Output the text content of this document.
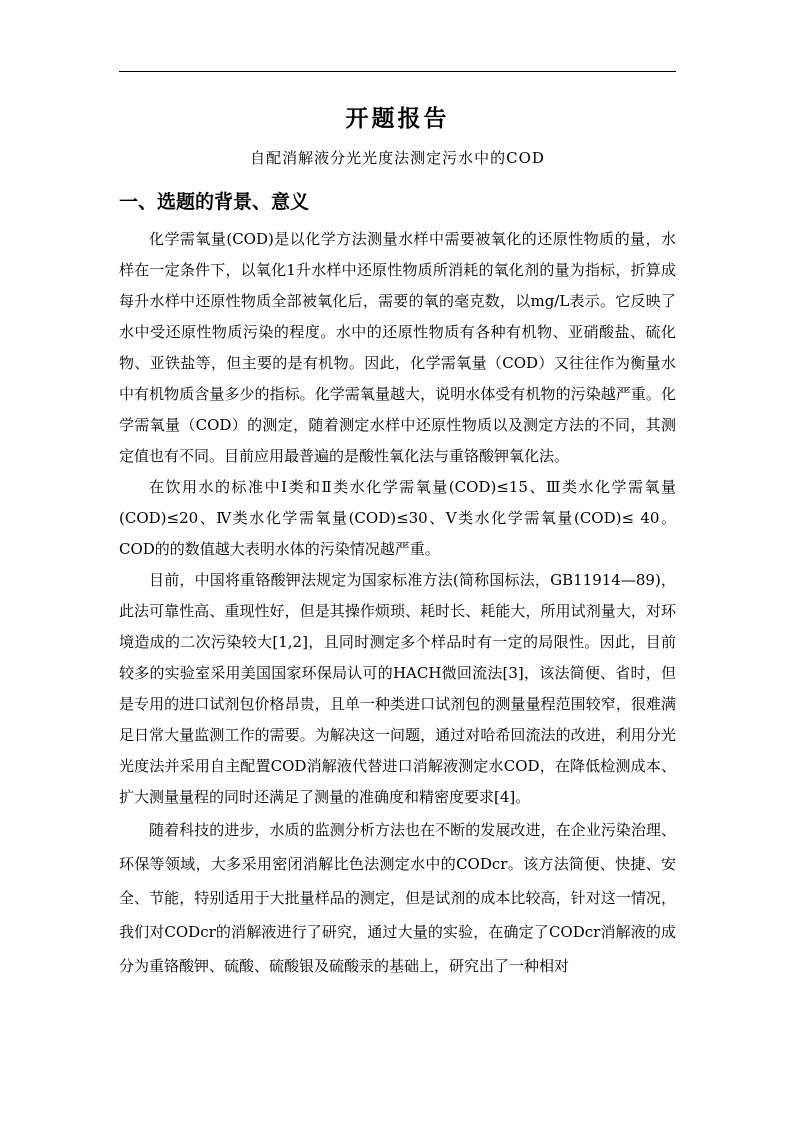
开题报告

自配消解液分光光度法测定污水中的COD

一、选题的背景、意义

化学需氧量(COD)是以化学方法测量水样中需要被氧化的还原性物质的量，水样在一定条件下，以氧化1升水样中还原性物质所消耗的氧化剂的量为指标，折算成每升水样中还原性物质全部被氧化后，需要的氧的毫克数，以mg/L表示。它反映了水中受还原性物质污染的程度。水中的还原性物质有各种有机物、亚硝酸盐、硫化物、亚铁盐等，但主要的是有机物。因此，化学需氧量（COD）又往往作为衡量水中有机物质含量多少的指标。化学需氧量越大，说明水体受有机物的污染越严重。化学需氧量（COD）的测定，随着测定水样中还原性物质以及测定方法的不同，其测定值也有不同。目前应用最普遍的是酸性氧化法与重铬酸钾氧化法。

在饮用水的标准中Ⅰ类和Ⅱ类水化学需氧量(COD)≤15、Ⅲ类水化学需氧量(COD)≤20、Ⅳ类水化学需氧量(COD)≤30、Ⅴ类水化学需氧量(COD)≤ 40。COD的的数值越大表明水体的污染情况越严重。

目前，中国将重铬酸钾法规定为国家标准方法(简称国标法，GB11914—89)，此法可靠性高、重现性好，但是其操作烦琐、耗时长、耗能大，所用试剂量大，对环境造成的二次污染较大[1,2]，且同时测定多个样品时有一定的局限性。因此，目前较多的实验室采用美国国家环保局认可的HACH微回流法[3]，该法简便、省时，但是专用的进口试剂包价格昂贵，且单一种类进口试剂包的测量量程范围较窄，很难满足日常大量监测工作的需要。为解决这一问题，通过对哈希回流法的改进，利用分光光度法并采用自主配置COD消解液代替进口消解液测定水COD，在降低检测成本、扩大测量量程的同时还满足了测量的准确度和精密度要求[4]。

随着科技的进步，水质的监测分析方法也在不断的发展改进，在企业污染治理、环保等领域，大多采用密闭消解比色法测定水中的CODcr。该方法简便、快捷、安全、节能，特别适用于大批量样品的测定，但是试剂的成本比较高，针对这一情况，我们对CODcr的消解液进行了研究，通过大量的实验，在确定了CODcr消解液的成分为重铬酸钾、硫酸、硫酸银及硫酸汞的基础上，研究出了一种相对
